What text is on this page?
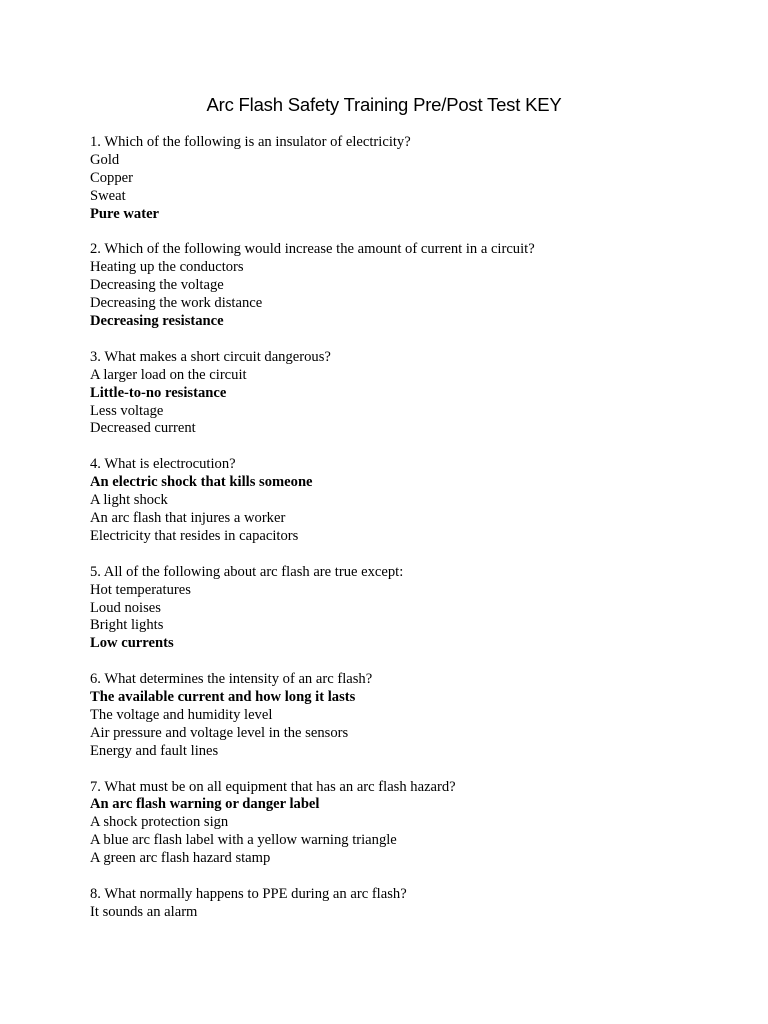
Arc Flash Safety Training Pre/Post Test KEY
1. Which of the following is an insulator of electricity?
Gold
Copper
Sweat
Pure water
2. Which of the following would increase the amount of current in a circuit?
Heating up the conductors
Decreasing the voltage
Decreasing the work distance
Decreasing resistance
3. What makes a short circuit dangerous?
A larger load on the circuit
Little-to-no resistance
Less voltage
Decreased current
4. What is electrocution?
An electric shock that kills someone
A light shock
An arc flash that injures a worker
Electricity that resides in capacitors
5. All of the following about arc flash are true except:
Hot temperatures
Loud noises
Bright lights
Low currents
6. What determines the intensity of an arc flash?
The available current and how long it lasts
The voltage and humidity level
Air pressure and voltage level in the sensors
Energy and fault lines
7. What must be on all equipment that has an arc flash hazard?
An arc flash warning or danger label
A shock protection sign
A blue arc flash label with a yellow warning triangle
A green arc flash hazard stamp
8. What normally happens to PPE during an arc flash?
It sounds an alarm
